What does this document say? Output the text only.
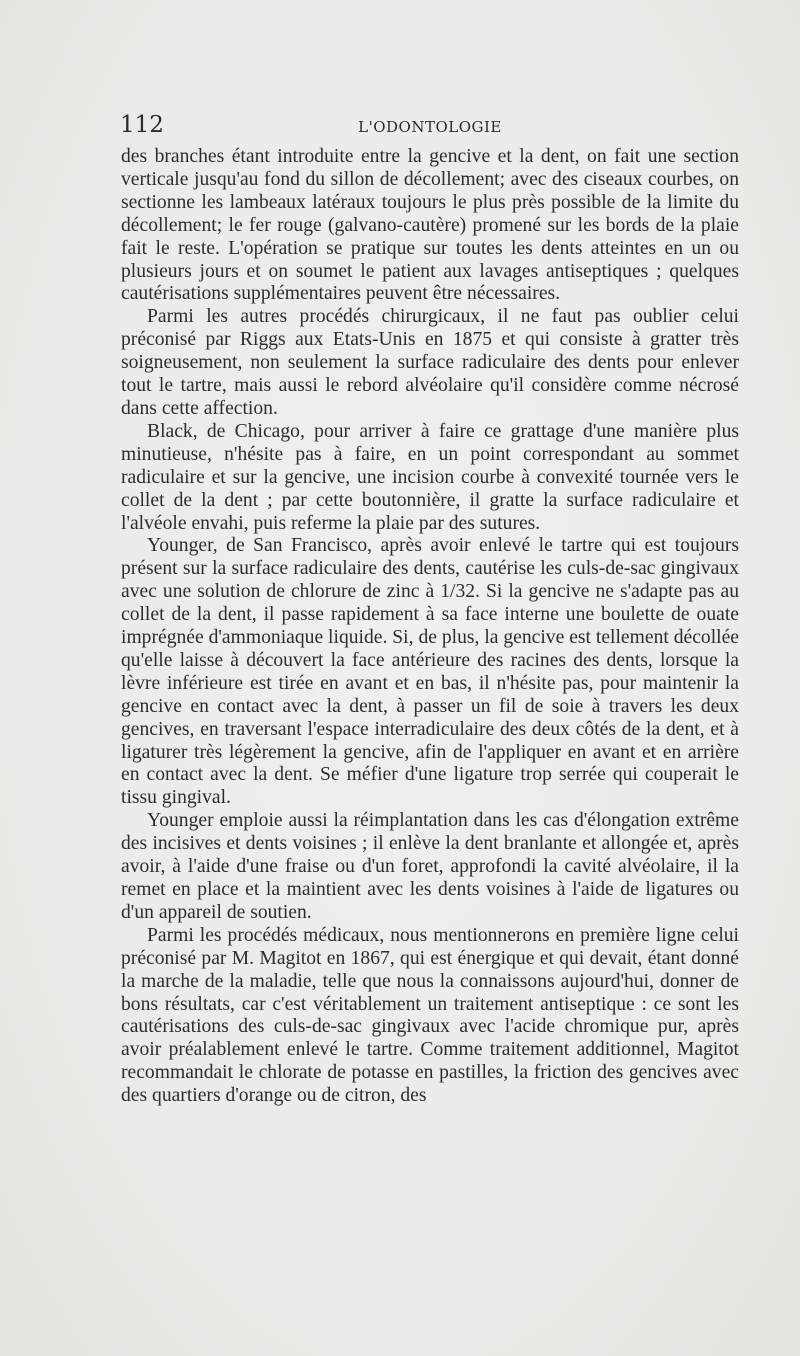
112	L'ODONTOLOGIE

des branches étant introduite entre la gencive et la dent, on fait une section verticale jusqu'au fond du sillon de décollement; avec des ciseaux courbes, on sectionne les lambeaux latéraux toujours le plus près possible de la limite du décollement; le fer rouge (galvano-cautère) promené sur les bords de la plaie fait le reste. L'opération se pratique sur toutes les dents atteintes en un ou plusieurs jours et on soumet le patient aux lavages antiseptiques ; quelques cautérisations supplémentaires peuvent être nécessaires.

Parmi les autres procédés chirurgicaux, il ne faut pas oublier celui préconisé par Riggs aux Etats-Unis en 1875 et qui consiste à gratter très soigneusement, non seulement la surface radiculaire des dents pour enlever tout le tartre, mais aussi le rebord alvéolaire qu'il considère comme nécrosé dans cette affection.

Black, de Chicago, pour arriver à faire ce grattage d'une manière plus minutieuse, n'hésite pas à faire, en un point correspondant au sommet radiculaire et sur la gencive, une incision courbe à convexité tournée vers le collet de la dent ; par cette boutonnière, il gratte la surface radiculaire et l'alvéole envahi, puis referme la plaie par des sutures.

Younger, de San Francisco, après avoir enlevé le tartre qui est toujours présent sur la surface radiculaire des dents, cautérise les culs-de-sac gingivaux avec une solution de chlorure de zinc à 1/32. Si la gencive ne s'adapte pas au collet de la dent, il passe rapidement à sa face interne une boulette de ouate imprégnée d'ammoniaque liquide. Si, de plus, la gencive est tellement décollée qu'elle laisse à découvert la face antérieure des racines des dents, lorsque la lèvre inférieure est tirée en avant et en bas, il n'hésite pas, pour maintenir la gencive en contact avec la dent, à passer un fil de soie à travers les deux gencives, en traversant l'espace interradiculaire des deux côtés de la dent, et à ligaturer très légèrement la gencive, afin de l'appliquer en avant et en arrière en contact avec la dent. Se méfier d'une ligature trop serrée qui couperait le tissu gingival.

Younger emploie aussi la réimplantation dans les cas d'élongation extrême des incisives et dents voisines ; il enlève la dent branlante et allongée et, après avoir, à l'aide d'une fraise ou d'un foret, approfondi la cavité alvéolaire, il la remet en place et la maintient avec les dents voisines à l'aide de ligatures ou d'un appareil de soutien.

Parmi les procédés médicaux, nous mentionnerons en première ligne celui préconisé par M. Magitot en 1867, qui est énergique et qui devait, étant donné la marche de la maladie, telle que nous la connaissons aujourd'hui, donner de bons résultats, car c'est véritablement un traitement antiseptique : ce sont les cautérisations des culs-de-sac gingivaux avec l'acide chromique pur, après avoir préalablement enlevé le tartre. Comme traitement additionnel, Magitot recommandait le chlorate de potasse en pastilles, la friction des gencives avec des quartiers d'orange ou de citron, des
